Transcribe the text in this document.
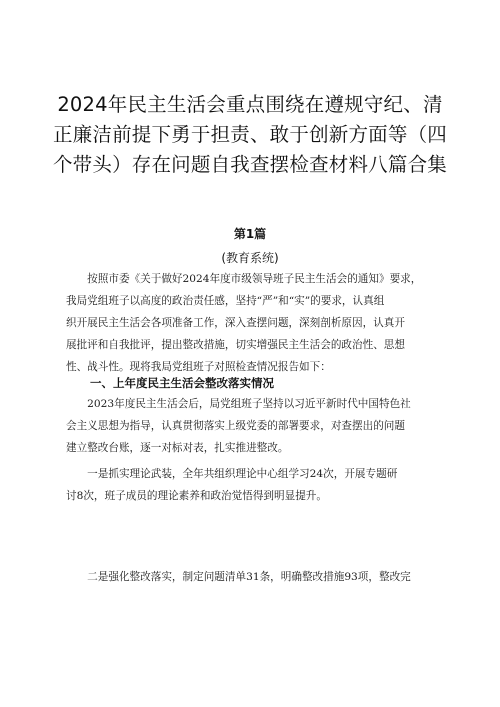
2024年民主生活会重点围绕在遵规守纪、清
正廉洁前提下勇于担责、敢于创新方面等（四
个带头）存在问题自我查摆检查材料八篇合集
第1篇
(教育系统)
　　按照市委《关于做好2024年度市级领导班子民主生活会的通知》要求，
我局党组班子以高度的政治责任感，坚持“严”和“实”的要求，认真组
织开展民主生活会各项准备工作，深入查摆问题，深刻剖析原因，认真开
展批评和自我批评，提出整改措施，切实增强民主生活会的政治性、思想
性、战斗性。现将我局党组班子对照检查情况报告如下：
一、上年度民主生活会整改落实情况
　　2023年度民主生活会后，局党组班子坚持以习近平新时代中国特色社
会主义思想为指导，认真贯彻落实上级党委的部署要求，对查摆出的问题
建立整改台账，逐一对标对表，扎实推进整改。
　　一是抓实理论武装，全年共组织理论中心组学习24次，开展专题研
讨8次，班子成员的理论素养和政治觉悟得到明显提升。
　　二是强化整改落实，制定问题清单31条，明确整改措施93项，整改完
